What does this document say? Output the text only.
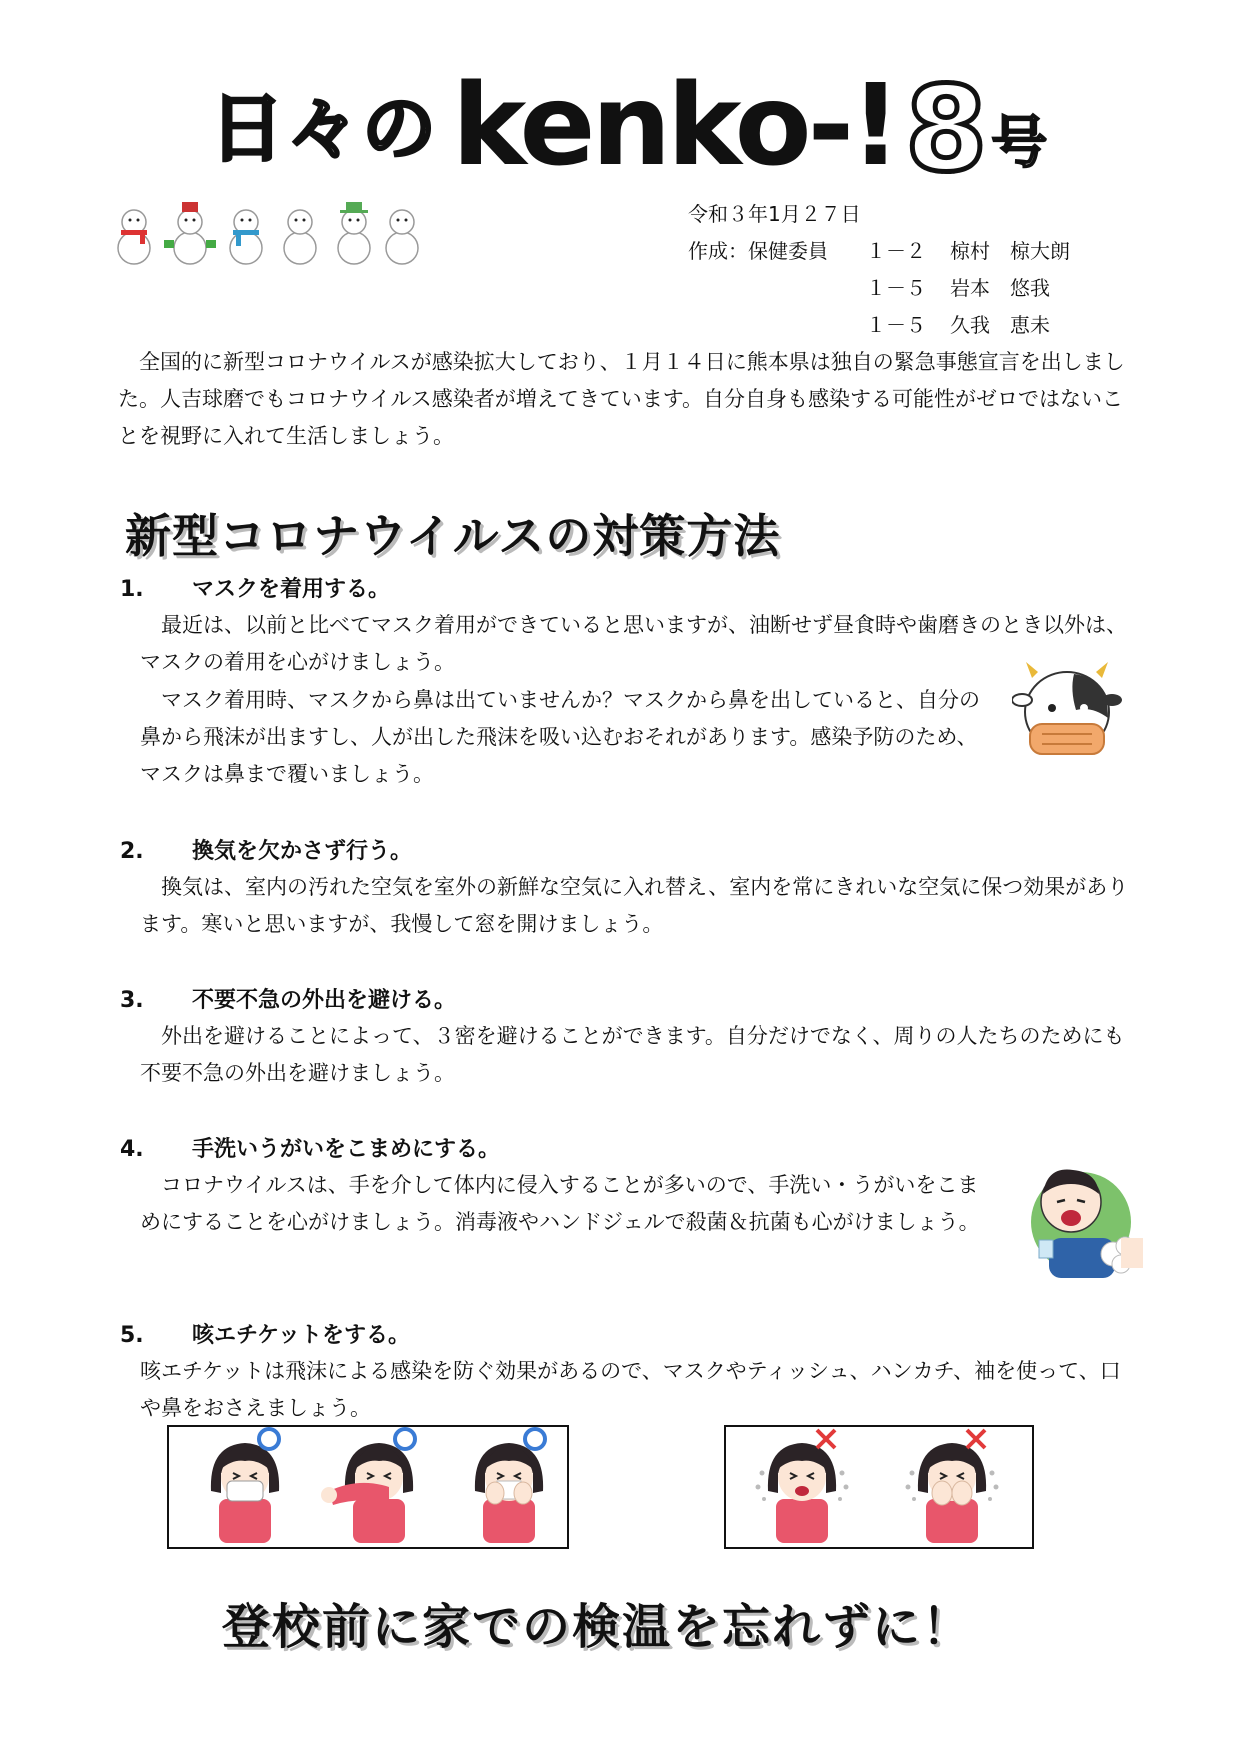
日々の kenko-! 8 号
令和３年1月２７日
作成：保健委員 １－２ 椋村　椋大朗
１－５ 岩本　悠我
１－５ 久我　恵未
全国的に新型コロナウイルスが感染拡大しており、１月１４日に熊本県は独自の緊急事態宣言を出しました。人吉球磨でもコロナウイルス感染者が増えてきています。自分自身も感染する可能性がゼロではないことを視野に入れて生活しましょう。
新型コロナウイルスの対策方法
1. マスクを着用する。
最近は、以前と比べてマスク着用ができていると思いますが、油断せず昼食時や歯磨きのとき以外は、マスクの着用を心がけましょう。
マスク着用時、マスクから鼻は出ていませんか？マスクから鼻を出していると、自分の鼻から飛沫が出ますし、人が出した飛沫を吸い込むおそれがあります。感染予防のため、マスクは鼻まで覆いましょう。
2. 換気を欠かさず行う。
換気は、室内の汚れた空気を室外の新鮮な空気に入れ替え、室内を常にきれいな空気に保つ効果があります。寒いと思いますが、我慢して窓を開けましょう。
3. 不要不急の外出を避ける。
外出を避けることによって、３密を避けることができます。自分だけでなく、周りの人たちのためにも不要不急の外出を避けましょう。
4. 手洗いうがいをこまめにする。
コロナウイルスは、手を介して体内に侵入することが多いので、手洗い・うがいをこまめにすることを心がけましょう。消毒液やハンドジェルで殺菌＆抗菌も心がけましょう。
5. 咳エチケットをする。
咳エチケットは飛沫による感染を防ぐ効果があるので、マスクやティッシュ、ハンカチ、袖を使って、口や鼻をおさえましょう。
登校前に家での検温を忘れずに！
